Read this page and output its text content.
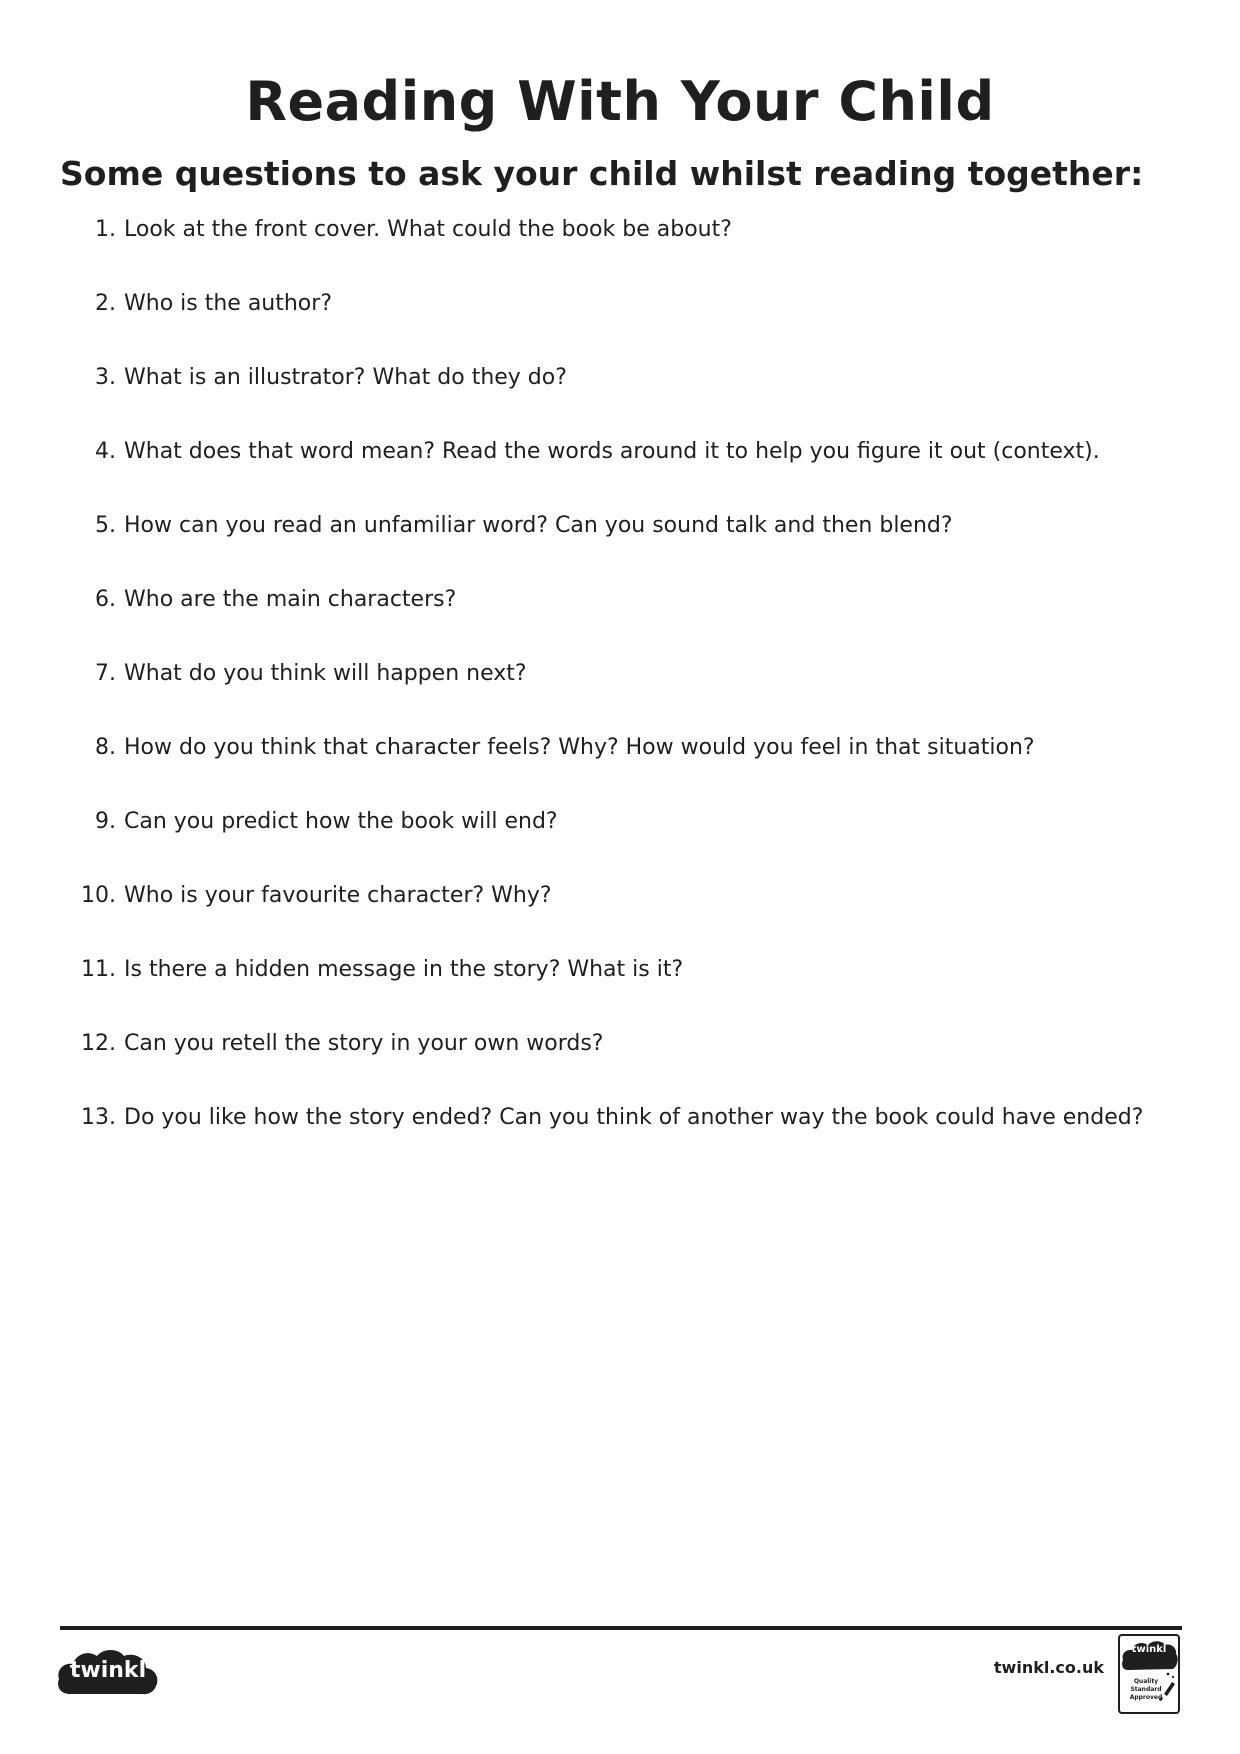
Reading With Your Child
Some questions to ask your child whilst reading together:
1. Look at the front cover. What could the book be about?
2. Who is the author?
3. What is an illustrator? What do they do?
4. What does that word mean? Read the words around it to help you figure it out (context).
5. How can you read an unfamiliar word? Can you sound talk and then blend?
6. Who are the main characters?
7. What do you think will happen next?
8. How do you think that character feels? Why? How would you feel in that situation?
9. Can you predict how the book will end?
10. Who is your favourite character? Why?
11. Is there a hidden message in the story? What is it?
12. Can you retell the story in your own words?
13. Do you like how the story ended? Can you think of another way the book could have ended?
twinkl	twinkl.co.uk
twinkl
Quality Standard
Approved
